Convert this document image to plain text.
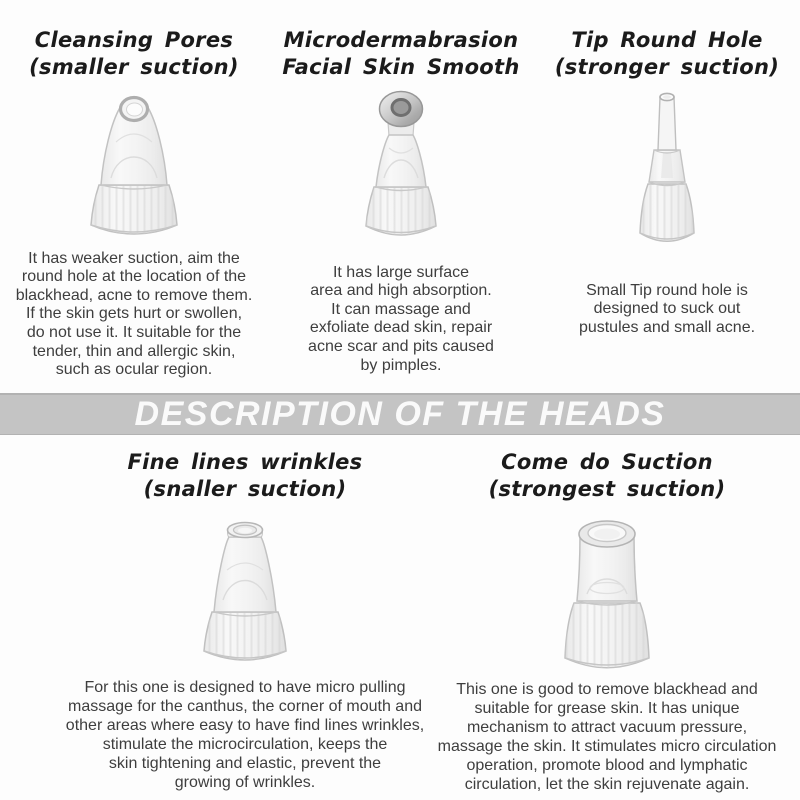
Cleansing Pores
(smaller suction)

It has weaker suction, aim the
round hole at the location of the
blackhead, acne to remove them.
If the skin gets hurt or swollen,
do not use it. It suitable for the
tender, thin and allergic skin,
such as ocular region.

Microdermabrasion
Facial Skin Smooth

It has large surface
area and high absorption.
It can massage and
exfoliate dead skin, repair
acne scar and pits caused
by pimples.

Tip Round Hole
(stronger suction)

Small Tip round hole is
designed to suck out
pustules and small acne.

DESCRIPTION OF THE HEADS
Fine lines wrinkles
(snaller suction)

For this one is designed to have micro pulling
massage for the canthus, the corner of mouth and
other areas where easy to have find lines wrinkles,
stimulate the microcirculation, keeps the
skin tightening and elastic, prevent the
growing of wrinkles.

Come do Suction
(strongest suction)

This one is good to remove blackhead and
suitable for grease skin. It has unique
mechanism to attract vacuum pressure,
massage the skin. It stimulates micro circulation
operation, promote blood and lymphatic
circulation, let the skin rejuvenate again.
